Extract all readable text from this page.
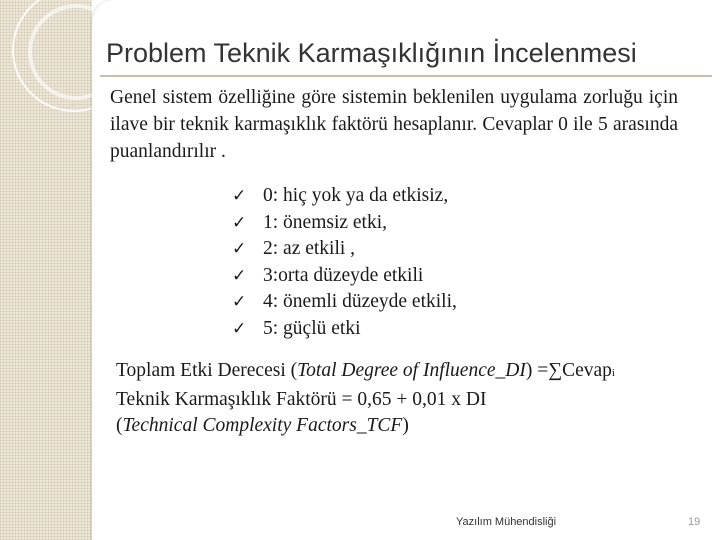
Problem Teknik Karmaşıklığının İncelenmesi
Genel sistem özelliğine göre sistemin beklenilen uygulama zorluğu için ilave bir teknik karmaşıklık faktörü hesaplanır. Cevaplar 0 ile 5 arasında puanlandırılır .
✓ 0: hiç yok ya da etkisiz,
✓ 1: önemsiz etki,
✓ 2: az etkili ,
✓ 3:orta düzeyde etkili
✓ 4: önemli düzeyde etkili,
✓ 5: güçlü etki
Toplam Etki Derecesi (Total Degree of Influence_DI) =∑Cevapi
Teknik Karmaşıklık Faktörü = 0,65 + 0,01 x DI
(Technical Complexity Factors_TCF)
Yazılım Mühendisliği	19
